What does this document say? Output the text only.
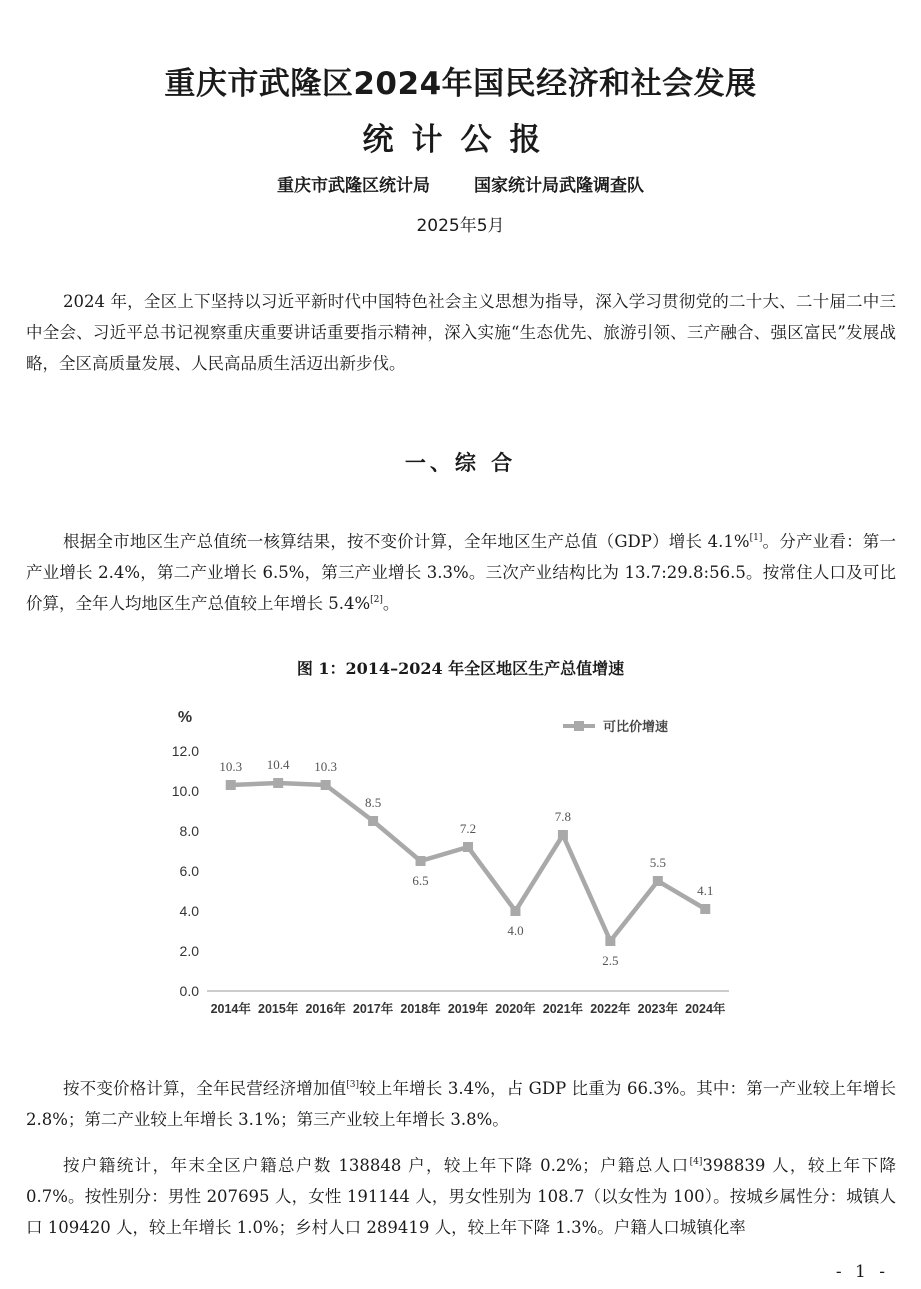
重庆市武隆区2024年国民经济和社会发展
统计公报
重庆市武隆区统计局	国家统计局武隆调查队
2025年5月

2024 年，全区上下坚持以习近平新时代中国特色社会主义思想为指导，深入学习贯彻党的二十大、二十届二中三中全会、习近平总书记视察重庆重要讲话重要指示精神，深入实施“生态优先、旅游引领、三产融合、强区富民”发展战略，全区高质量发展、人民高品质生活迈出新步伐。

一、综 合

根据全市地区生产总值统一核算结果，按不变价计算，全年地区生产总值（GDP）增长 4.1%[1]。分产业看：第一产业增长 2.4%，第二产业增长 6.5%，第三产业增长 3.3%。三次产业结构比为 13.7:29.8:56.5。按常住人口及可比价算，全年人均地区生产总值较上年增长 5.4%[2]。

图 1：2014–2024 年全区地区生产总值增速
%
0.0
2.0
4.0
6.0
8.0
10.0
12.0
2014年 2015年 2016年 2017年 2018年 2019年 2020年 2021年 2022年 2023年 2024年
10.3 10.4 10.3
8.5
6.5
7.2
4.0
7.8
2.5
5.5
4.1
可比价增速

按不变价格计算，全年民营经济增加值[3]较上年增长 3.4%，占 GDP 比重为 66.3%。其中：第一产业较上年增长 2.8%；第二产业较上年增长 3.1%；第三产业较上年增长 3.8%。

按户籍统计，年末全区户籍总户数 138848 户，较上年下降 0.2%；户籍总人口[4]398839 人，较上年下降 0.7%。按性别分：男性 207695 人，女性 191144 人，男女性别为 108.7（以女性为 100）。按城乡属性分：城镇人口 109420 人，较上年增长 1.0%；乡村人口 289419 人，较上年下降 1.3%。户籍人口城镇化率

- 1 -
